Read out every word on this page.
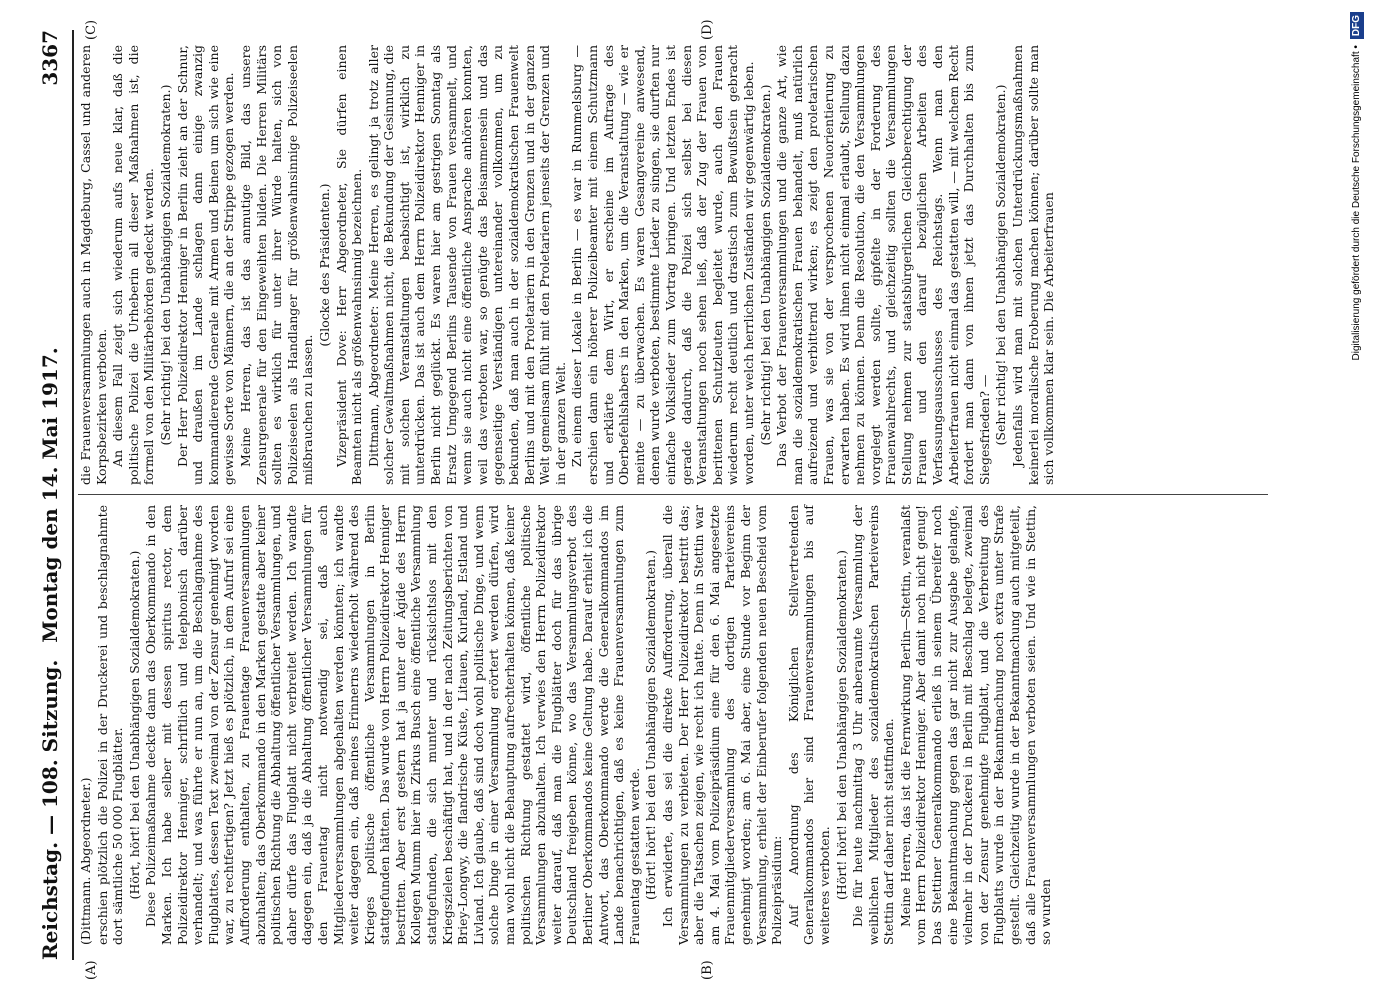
Reichstag. — 108. Sitzung.
Montag den 14. Mai 1917.
3367
(A)	(B)
(C)	(D)

(Dittmann. Abgeordneter.) erschien plötzlich die Polizei in der Druckerei und beschlagnahmte dort sämtliche 50 000 Flugblätter. (Hört, hört! bei den Unabhängigen Sozialdemokraten.) Diese Polizeimaßnahme deckte dann das Oberkommando in den Marken. Ich habe selber mit dessen spiritus rector, dem Polizeidirektor Henniger, schriftlich und telephonisch darüber verhandelt; und was führte er nun an, um die Beschlagnahme des Flugblattes, dessen Text zweimal von der Zensur genehmigt worden war, zu rechtfertigen? Jetzt hieß es plötzlich, in dem Aufruf sei eine Aufforderung enthalten, zu Frauentage Frauenversammlungen abzuhalten; das Oberkommando in den Marken gestatte aber keiner politischen Richtung die Abhaltung öffentlicher Versammlungen, und daher dürfe das Flugblatt nicht verbreitet werden. Ich wandte dagegen ein, daß ja die Abhaltung öffentlicher Versammlungen für den Frauentag nicht notwendig sei, daß auch Mitgliederversammlungen abgehalten werden könnten; ich wandte weiter dagegen ein, daß meines Erinnerns wiederholt während des Krieges politische öffentliche Versammlungen in Berlin stattgefunden hätten. Das wurde von Herrn Polizeidirektor Henniger bestritten. Aber erst gestern hat ja unter der Ägide des Herrn Kollegen Mumm hier im Zirkus Busch eine öffentliche Versammlung stattgefunden, die sich munter und rücksichtslos mit den Kriegszielen beschäftigt hat, und in der nach Zeitungsberichten von Briey-Longwy, die flandrische Küste, Litauen, Kurland, Estland und Livland. Ich glaube, daß sind doch wohl politische Dinge, und wenn solche Dinge in einer Versammlung erörtert werden dürfen, wird man wohl nicht die Behauptung aufrechterhalten können, daß keiner politischen Richtung gestattet wird, öffentliche politische Versammlungen abzuhalten. Ich verwies den Herrn Polizeidirektor weiter darauf, daß man die Flugblätter doch für das übrige Deutschland freigeben könne, wo das Versammlungsverbot des Berliner Oberkommandos keine Geltung habe. Darauf erhielt ich die Antwort, das Oberkommando werde die Generalkommandos im Lande benachrichtigen, daß es keine Frauenversammlungen zum Frauentag gestatten werde. (Hört! hört! bei den Unabhängigen Sozialdemokraten.) Ich erwiderte, das sei die direkte Aufforderung, überall die Versammlungen zu verbieten. Der Herr Polizeidirektor bestritt das; aber die Tatsachen zeigen, wie recht ich hatte. Denn in Stettin war am 4. Mai vom Polizeipräsidium eine für den 6. Mai angesetzte Frauenmitgliederversammlung des dortigen Parteivereins genehmigt worden; am 6. Mai aber, eine Stunde vor Beginn der Versammlung, erhielt der Einberufer folgenden neuen Bescheid vom Polizeipräsidium: Auf Anordnung des Königlichen Stellvertretenden Generalkommandos hier sind Frauenversammlungen bis auf weiteres verboten. (Hört! hört! bei den Unabhängigen Sozialdemokraten.) Die für heute nachmittag 3 Uhr anberaumte Versammlung der weiblichen Mitglieder des sozialdemokratischen Parteivereins Stettin darf daher nicht stattfinden. Meine Herren, das ist die Fernwirkung Berlin—Stettin, veranlaßt vom Herrn Polizeidirektor Henniger. Aber damit noch nicht genug! Das Stettiner Generalkommando erließ in seinem Übereifer noch eine Bekanntmachung gegen das gar nicht zur Ausgabe gelangte, vielmehr in der Druckerei in Berlin mit Beschlag belegte, zweimal von der Zensur genehmigte Flugblatt, und die Verbreitung des Flugblatts wurde in der Bekanntmachung noch extra unter Strafe gestellt. Gleichzeitig wurde in der Bekanntmachung auch mitgeteilt, daß alle Frauenversammlungen verboten seien. Und wie in Stettin, so wurden

die Frauenversammlungen auch in Magdeburg, Cassel und anderen Korpsbezirken verboten. An diesem Fall zeigt sich wiederum aufs neue klar, daß die politische Polizei die Urheberin all dieser Maßnahmen ist, die formell von den Militärbehörden gedeckt werden. (Sehr richtig! bei den Unabhängigen Sozialdemokraten.) Der Herr Polizeidirektor Henniger in Berlin zieht an der Schnur, und draußen im Lande schlagen dann einige zwanzig kommandierende Generale mit Armen und Beinen um sich wie eine gewisse Sorte von Männern, die an der Strippe gezogen werden. Meine Herren, das ist das anmutige Bild, das unsere Zensurgenerale für den Eingeweihten bilden. Die Herren Militärs sollten es wirklich für unter ihrer Würde halten, sich von Polizeiseelen als Handlanger für größenwahnsinnige Polizeiseelen mißbrauchen zu lassen.

(Glocke des Präsidenten.) Vizepräsident Dove: Herr Abgeordneter, Sie dürfen einen Beamten nicht als größenwahnsinnig bezeichnen. Dittmann, Abgeordneter: Meine Herren, es gelingt ja trotz aller solcher Gewaltmaßnahmen nicht, die Bekundung der Gesinnung, die mit solchen Veranstaltungen beabsichtigt ist, wirklich zu unterdrücken. Das ist auch dem Herrn Polizeidirektor Henniger in Berlin nicht geglückt. Es waren hier am gestrigen Sonntag als Ersatz Umgegend Berlins Tausende von Frauen versammelt, und wenn sie auch nicht eine öffentliche Ansprache anhören konnten, weil das verboten war, so genügte das Beisammensein und das gegenseitige Verständigen untereinander vollkommen, um zu bekunden, daß man auch in der sozialdemokratischen Frauenwelt Berlins und mit den Proletariern in den Grenzen und in der ganzen Welt gemeinsam fühlt mit den Proletariern jenseits der Grenzen und in der ganzen Welt. Zu einem dieser Lokale in Berlin — es war in Rummelsburg — erschien dann ein höherer Polizeibeamter mit einem Schutzmann und erklärte dem Wirt, er erscheine im Auftrage des Oberbefehlshabers in den Marken, um die Veranstaltung — wie er meinte — zu überwachen. Es waren Gesangvereine anwesend, denen wurde verboten, bestimmte Lieder zu singen, sie durften nur einfache Volkslieder zum Vortrag bringen. Und letzten Endes ist gerade dadurch, daß die Polizei sich selbst bei diesen Veranstaltungen noch sehen ließ, daß der Zug der Frauen von berittenen Schutzleuten begleitet wurde, auch den Frauen wiederum recht deutlich und drastisch zum Bewußtsein gebracht worden, unter welch herrlichen Zuständen wir gegenwärtig leben. (Sehr richtig! bei den Unabhängigen Sozialdemokraten.) Das Verbot der Frauenversammlungen und die ganze Art, wie man die sozialdemokratischen Frauen behandelt, muß natürlich aufreizend und verbitternd wirken; es zeigt den proletarischen Frauen, was sie von der versprochenen Neuorientierung zu erwarten haben. Es wird ihnen nicht einmal erlaubt, Stellung dazu nehmen zu können. Denn die Resolution, die den Versammlungen vorgelegt werden sollte, gipfelte in der Forderung des Frauenwahlrechts, und gleichzeitig sollten die Versammlungen Stellung nehmen zur staatsbürgerlichen Gleichberechtigung der Frauen und den darauf bezüglichen Arbeiten des Verfassungsausschusses des Reichstags. Wenn man den Arbeiterfrauen nicht einmal das gestatten will, — mit welchem Recht fordert man dann von ihnen jetzt das Durchhalten bis zum Siegesfrieden? — (Sehr richtig! bei den Unabhängigen Sozialdemokraten.) Jedenfalls wird man mit solchen Unterdrückungsmaßnahmen keinerlei moralische Eroberung machen können; darüber sollte man sich vollkommen klar sein. Die Arbeiterfrauen	Digitalisierung gefördert durch die Deutsche Forschungsgemeinschaft •DFG
